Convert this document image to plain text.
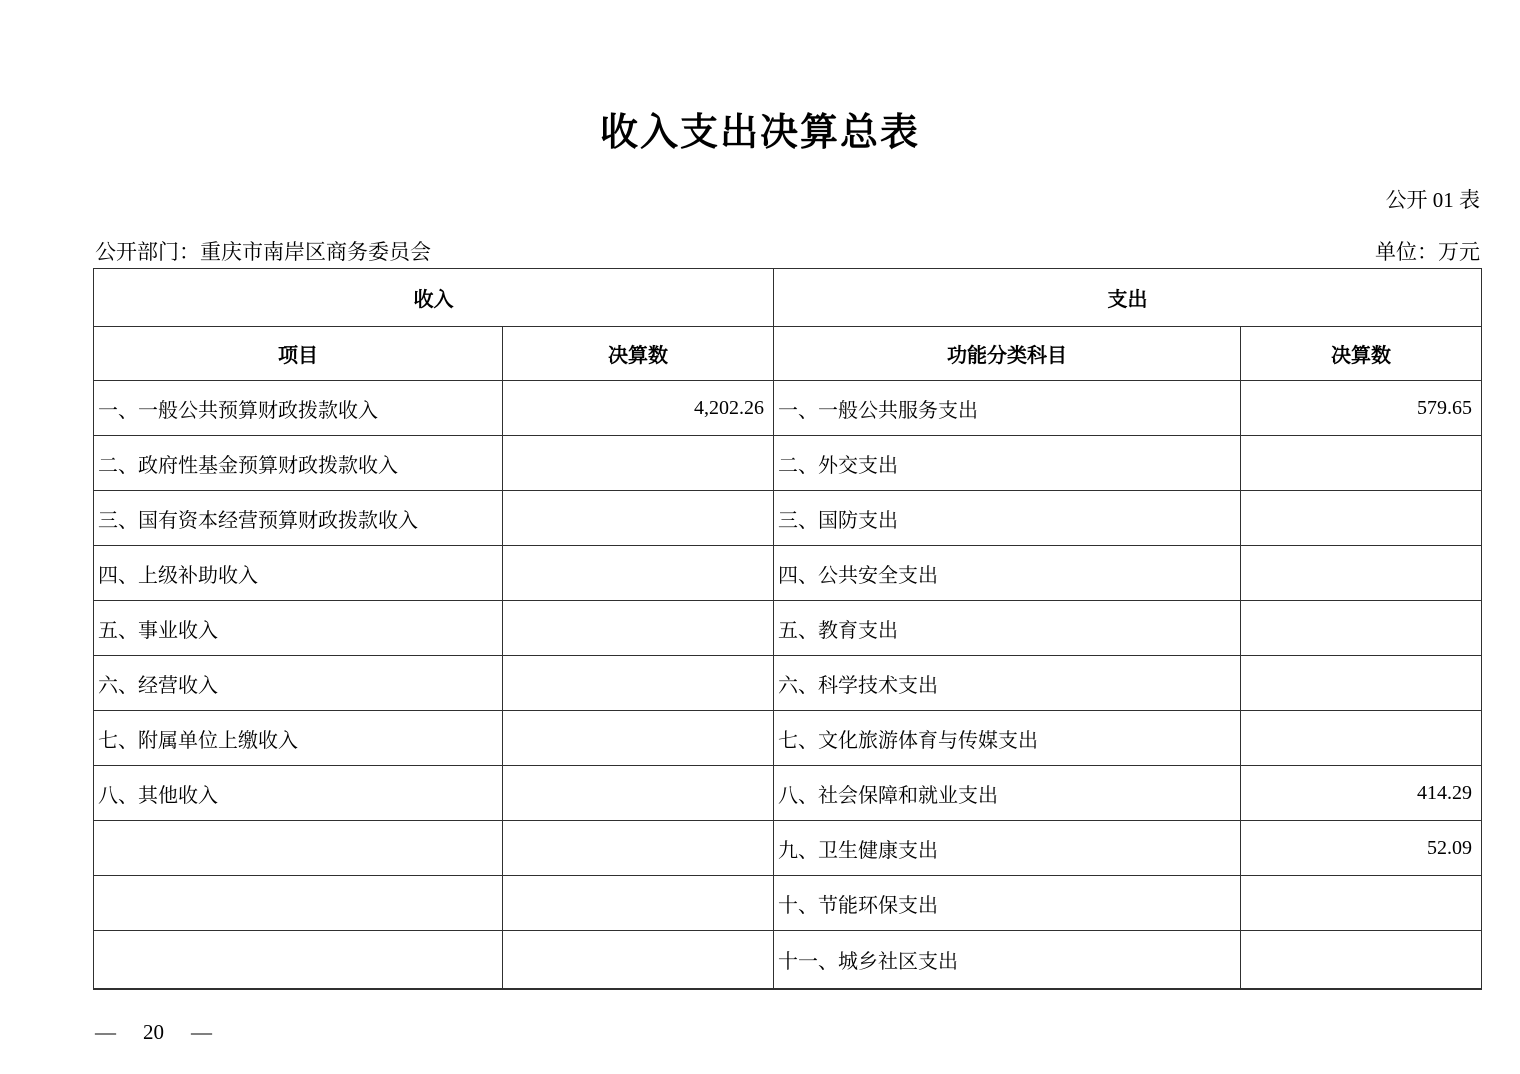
收入支出决算总表
公开 01 表
公开部门：重庆市南岸区商务委员会	单位：万元
收入		支出	
项目	决算数	功能分类科目	决算数
一、一般公共预算财政拨款收入	4,202.26	一、一般公共服务支出	579.65
二、政府性基金预算财政拨款收入		二、外交支出	
三、国有资本经营预算财政拨款收入		三、国防支出	
四、上级补助收入		四、公共安全支出	
五、事业收入		五、教育支出	
六、经营收入		六、科学技术支出	
七、附属单位上缴收入		七、文化旅游体育与传媒支出	
八、其他收入		八、社会保障和就业支出	414.29
		九、卫生健康支出	52.09
		十、节能环保支出	
		十一、城乡社区支出	
— 20 —
